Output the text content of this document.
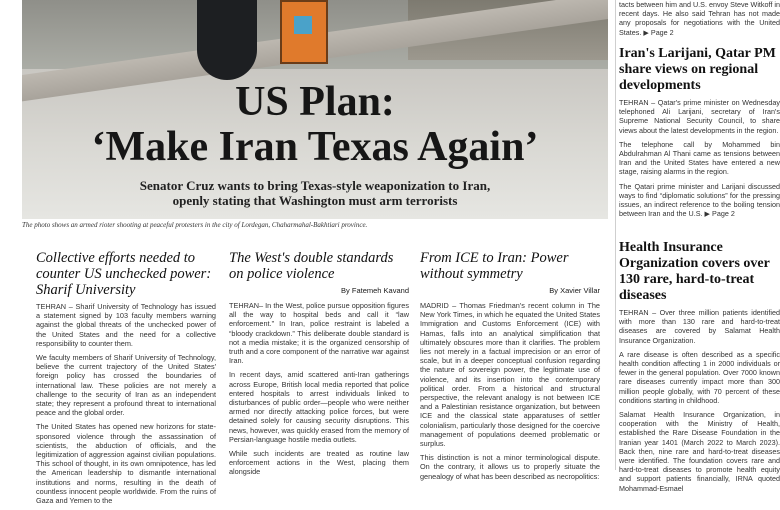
US Plan:
‘Make Iran Texas Again’

Senator Cruz wants to bring Texas-style weaponization to Iran,

openly stating that Washington must arm terrorists

The photo shows an armed rioter shooting at peaceful protesters in the city of Lordegan, Chaharmahal-Bakhtiari province.

Collective efforts needed to counter US unchecked power: Sharif University

TEHRAN – Sharif University of Technology has issued a statement signed by 103 faculty members warning against the global threats of the unchecked power of the United States and the need for a collective responsibility to counter them.

We faculty members of Sharif University of Technology, believe the current trajectory of the United States' foreign policy has crossed the boundaries of international law. These policies are not merely a challenge to the security of Iran as an independent state; they represent a profound threat to international peace and the global order.

The United States has opened new horizons for state-sponsored violence through the assassination of scientists, the abduction of officials, and the legitimization of aggression against civilian populations. This school of thought, in its own omnipotence, has led the American leadership to dismantle international institutions and norms, resulting in the death of countless innocent people worldwide. From the ruins of Gaza and Yemen to the

The West's double standards on police violence
By Fatemeh Kavand

TEHRAN– In the West, police pursue opposition figures all the way to hospital beds and call it “law enforcement.” In Iran, police restraint is labeled a “bloody crackdown.” This deliberate double standard is not a media mistake; it is the organized censorship of truth and a core component of the narrative war against Iran.

In recent days, amid scattered anti-Iran gatherings across Europe, British local media reported that police entered hospitals to arrest individuals linked to disturbances of public order—people who were neither armed nor directly attacking police forces, but were detained solely for causing security disruptions. This news, however, was quickly erased from the memory of Persian-language hostile media outlets.

While such incidents are treated as routine law enforcement actions in the West, placing them alongside

From ICE to Iran: Power without symmetry
By Xavier Villar

MADRID – Thomas Friedman's recent column in The New York Times, in which he equated the United States Immigration and Customs Enforcement (ICE) with Hamas, falls into an analytical simplification that ultimately obscures more than it clarifies. The problem lies not merely in a factual imprecision or an error of scale, but in a deeper conceptual confusion regarding the nature of sovereign power, the legitimate use of violence, and its insertion into the contemporary political order. From a historical and structural perspective, the relevant analogy is not between ICE and a Palestinian resistance organization, but between ICE and the classical state apparatuses of settler colonialism, particularly those designed for the coercive management of populations deemed problematic or surplus.

This distinction is not a minor terminological dispute. On the contrary, it allows us to properly situate the genealogy of what has been described as necropolitics:

tacts between him and U.S. envoy Steve Witkoff in recent days. He also said Tehran has not made any proposals for negotiations with the United States. ▶ Page 2

Iran's Larijani, Qatar PM share views on regional developments

TEHRAN – Qatar's prime minister on Wednesday telephoned Ali Larijani, secretary of Iran's Supreme National Security Council, to share views about the latest developments in the region.

The telephone call by Mohammed bin Abdulrahman Al Thani came as tensions between Iran and the United States have entered a new stage, raising alarms in the region.

The Qatari prime minister and Larijani discussed ways to find “diplomatic solutions” for the pressing issues, an indirect reference to the boiling tension between Iran and the U.S. ▶ Page 2

Health Insurance Organization covers over 130 rare, hard-to-treat diseases

TEHRAN – Over three million patients identified with more than 130 rare and hard-to-treat diseases are covered by Salamat Health Insurance Organization.

A rare disease is often described as a specific health condition affecting 1 in 2000 individuals or fewer in the general population. Over 7000 known rare diseases currently impact more than 300 million people globally, with 70 percent of these conditions starting in childhood.

Salamat Health Insurance Organization, in cooperation with the Ministry of Health, established the Rare Disease Foundation in the Iranian year 1401 (March 2022 to March 2023). Back then, nine rare and hard-to-treat diseases were identified. The foundation covers rare and hard-to-treat diseases to promote health equity and support patients financially, IRNA quoted Mohammad-Esmael
